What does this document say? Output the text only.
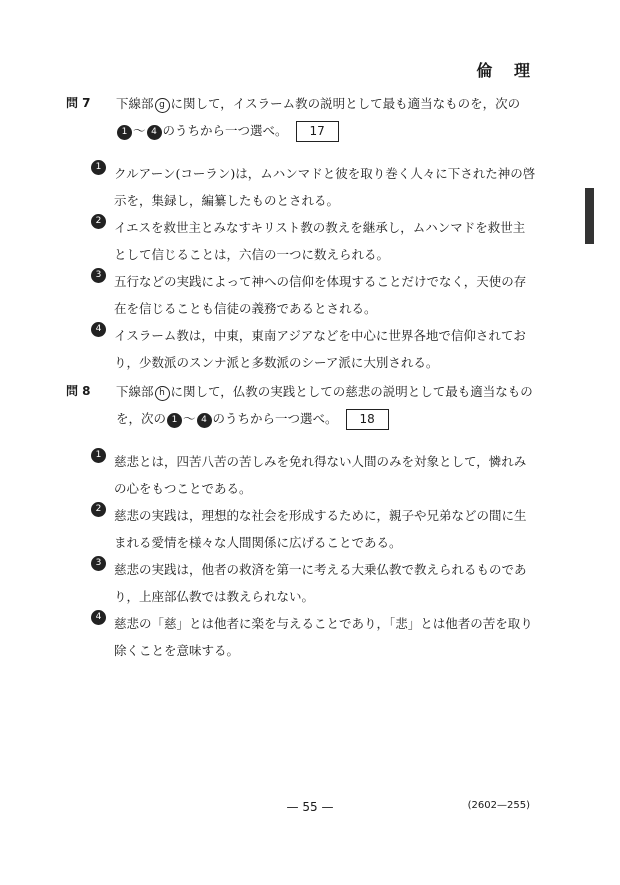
倫 理
問 7 下線部 g に関して，イスラーム教の説明として最も適当なものを，次の1 ～ 4 のうちから一つ選べ。 17
1	クルアーン(コーラン)は，ムハンマドと彼を取り巻く人々に下された神の啓示を，集録し，編纂したものとされる。
2	イエスを救世主とみなすキリスト教の教えを継承し，ムハンマドを救世主として信じることは，六信の一つに数えられる。
3	五行などの実践によって神への信仰を体現することだけでなく，天使の存在を信じることも信徒の義務であるとされる。
4	イスラーム教は，中東，東南アジアなどを中心に世界各地で信仰されており，少数派のスンナ派と多数派のシーア派に大別される。
問 8 下線部 h に関して，仏教の実践としての慈悲の説明として最も適当なものを，次の 1 ～ 4 のうちから一つ選べ。 18
1	慈悲とは，四苦八苦の苦しみを免れ得ない人間のみを対象として，憐れみの心をもつことである。
2	慈悲の実践は，理想的な社会を形成するために，親子や兄弟などの間に生まれる愛情を様々な人間関係に広げることである。
3	慈悲の実践は，他者の救済を第一に考える大乗仏教で教えられるものであり，上座部仏教では教えられない。
4	慈悲の「慈」とは他者に楽を与えることであり，「悲」とは他者の苦を取り除くことを意味する。
— 55 —	(2602—255)
